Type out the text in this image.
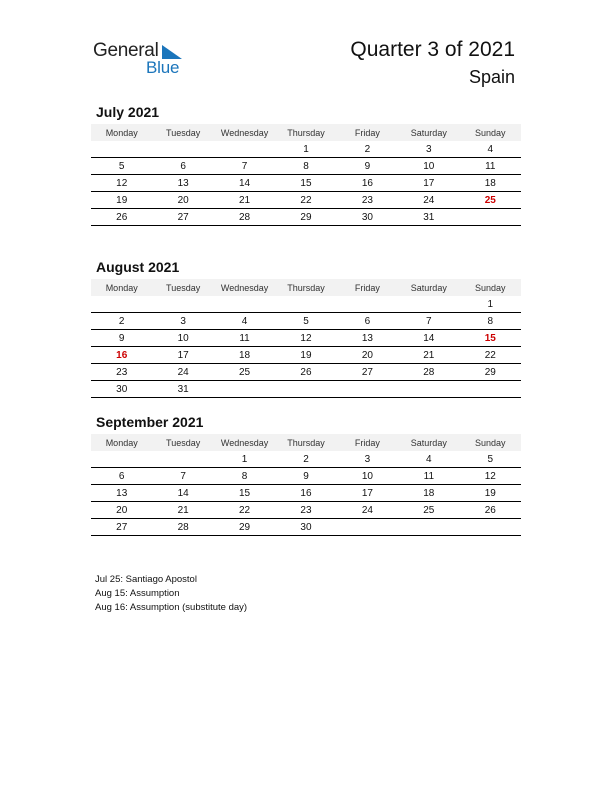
General
Blue
Quarter 3 of 2021
Spain
July 2021
Monday	Tuesday	Wednesday	Thursday	Friday	Saturday	Sunday
			1	2	3	4
5	6	7	8	9	10	11
12	13	14	15	16	17	18
19	20	21	22	23	24	25
26	27	28	29	30	31	
August 2021
Monday	Tuesday	Wednesday	Thursday	Friday	Saturday	Sunday
						1
2	3	4	5	6	7	8
9	10	11	12	13	14	15
16	17	18	19	20	21	22
23	24	25	26	27	28	29
30	31					
September 2021
Monday	Tuesday	Wednesday	Thursday	Friday	Saturday	Sunday
		1	2	3	4	5
6	7	8	9	10	11	12
13	14	15	16	17	18	19
20	21	22	23	24	25	26
27	28	29	30			
Jul 25: Santiago Apostol
Aug 15: Assumption
Aug 16: Assumption (substitute day)
